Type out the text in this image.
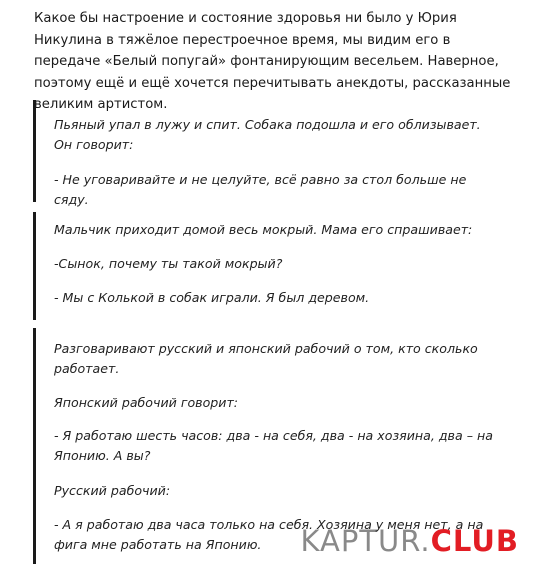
Какое бы настроение и состояние здоровья ни было у Юрия Никулина в тяжёлое перестроечное время, мы видим его в передаче «Белый попугай» фонтанирующим весельем. Наверное, поэтому ещё и ещё хочется перечитывать анекдоты, рассказанные великим артистом.

Пьяный упал в лужу и спит. Собака подошла и его облизывает. Он говорит:

- Не уговаривайте и не целуйте, всё равно за стол больше не сяду.

Мальчик приходит домой весь мокрый. Мама его спрашивает:

-Сынок, почему ты такой мокрый?

- Мы с Колькой в собак играли. Я был деревом.

Разговаривают русский и японский рабочий о том, кто сколько работает.

Японский рабочий говорит:

- Я работаю шесть часов: два - на себя, два - на хозяина, два – на Японию. А вы?

Русский рабочий:

- А я работаю два часа только на себя. Хозяина у меня нет, а на фига мне работать на Японию.	KAPTUR.CLUB
